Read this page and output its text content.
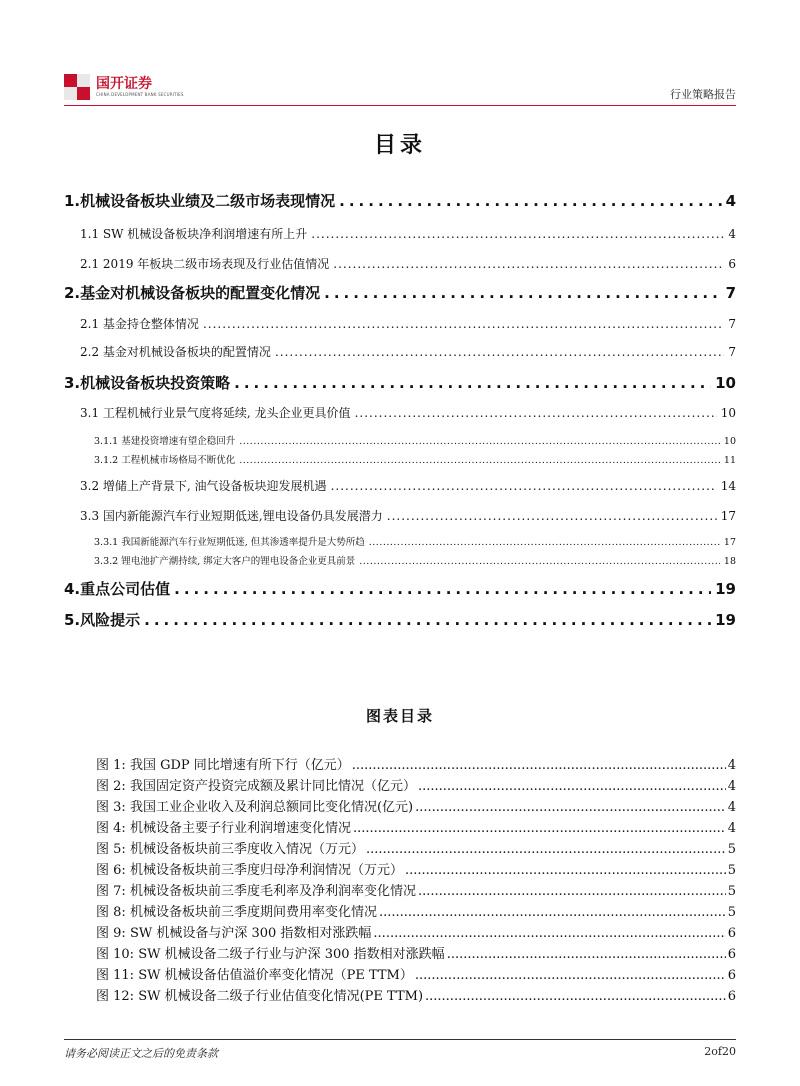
国开证券
CHINA DEVELOPMENT BANK SECURITIES	行业策略报告
目录
1.机械设备板块业绩及二级市场表现情况 .....	4
1.1 SW 机械设备板块净利润增速有所上升 .....	4
2.1 2019 年板块二级市场表现及行业估值情况 .....	6
2.基金对机械设备板块的配置变化情况 .....	7
2.1 基金持仓整体情况 .....	7
2.2 基金对机械设备板块的配置情况 .....	7
3.机械设备板块投资策略 .....	10
3.1 工程机械行业景气度将延续, 龙头企业更具价值 .....	10
3.1.1 基建投资增速有望企稳回升 .....	10
3.1.2 工程机械市场格局不断优化 .....	11
3.2 增储上产背景下, 油气设备板块迎发展机遇 .....	14
3.3 国内新能源汽车行业短期低迷,锂电设备仍具发展潜力 .....	17
3.3.1 我国新能源汽车行业短期低迷, 但其渗透率提升是大势所趋 .....	17
3.3.2 锂电池扩产潮持续, 绑定大客户的锂电设备企业更具前景 .....	18
4.重点公司估值 .....	19
5.风险提示 .....	19
图表目录
图 1: 我国 GDP 同比增速有所下行（亿元） .....	4
图 2: 我国固定资产投资完成额及累计同比情况（亿元） .....	4
图 3: 我国工业企业收入及利润总额同比变化情况(亿元) .....	4
图 4: 机械设备主要子行业利润增速变化情况 .....	4
图 5: 机械设备板块前三季度收入情况（万元） .....	5
图 6: 机械设备板块前三季度归母净利润情况（万元） .....	5
图 7: 机械设备板块前三季度毛利率及净利润率变化情况 .....	5
图 8: 机械设备板块前三季度期间费用率变化情况 .....	5
图 9: SW 机械设备与沪深 300 指数相对涨跌幅 .....	6
图 10: SW 机械设备二级子行业与沪深 300 指数相对涨跌幅 .....	6
图 11: SW 机械设备估值溢价率变化情况（PE TTM） .....	6
图 12: SW 机械设备二级子行业估值变化情况(PE TTM) .....	6
请务必阅读正文之后的免责条款	2of20
